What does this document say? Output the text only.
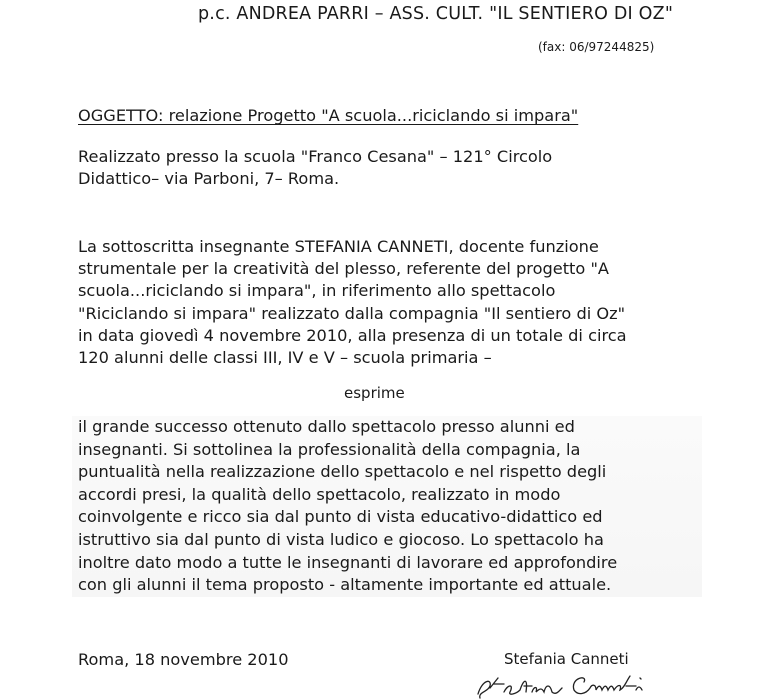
p.c. ANDREA PARRI – ASS. CULT. "IL SENTIERO DI OZ"
(fax: 06/97244825)
OGGETTO: relazione Progetto "A scuola...riciclando si impara"
Realizzato presso la scuola "Franco Cesana" – 121° Circolo
Didattico– via Parboni, 7– Roma.
La sottoscritta insegnante STEFANIA CANNETI, docente funzione
strumentale per la creatività del plesso, referente del progetto "A
scuola...riciclando si impara", in riferimento allo spettacolo
"Riciclando si impara" realizzato dalla compagnia "Il sentiero di Oz"
in data giovedì 4 novembre 2010, alla presenza di un totale di circa
120 alunni delle classi III, IV e V – scuola primaria –
esprime
il grande successo ottenuto dallo spettacolo presso alunni ed
insegnanti. Si sottolinea la professionalità della compagnia, la
puntualità nella realizzazione dello spettacolo e nel rispetto degli
accordi presi, la qualità dello spettacolo, realizzato in modo
coinvolgente e ricco sia dal punto di vista educativo-didattico ed
istruttivo sia dal punto di vista ludico e giocoso. Lo spettacolo ha
inoltre dato modo a tutte le insegnanti di lavorare ed approfondire
con gli alunni il tema proposto - altamente importante ed attuale.
Roma, 18 novembre 2010	Stefania Canneti
